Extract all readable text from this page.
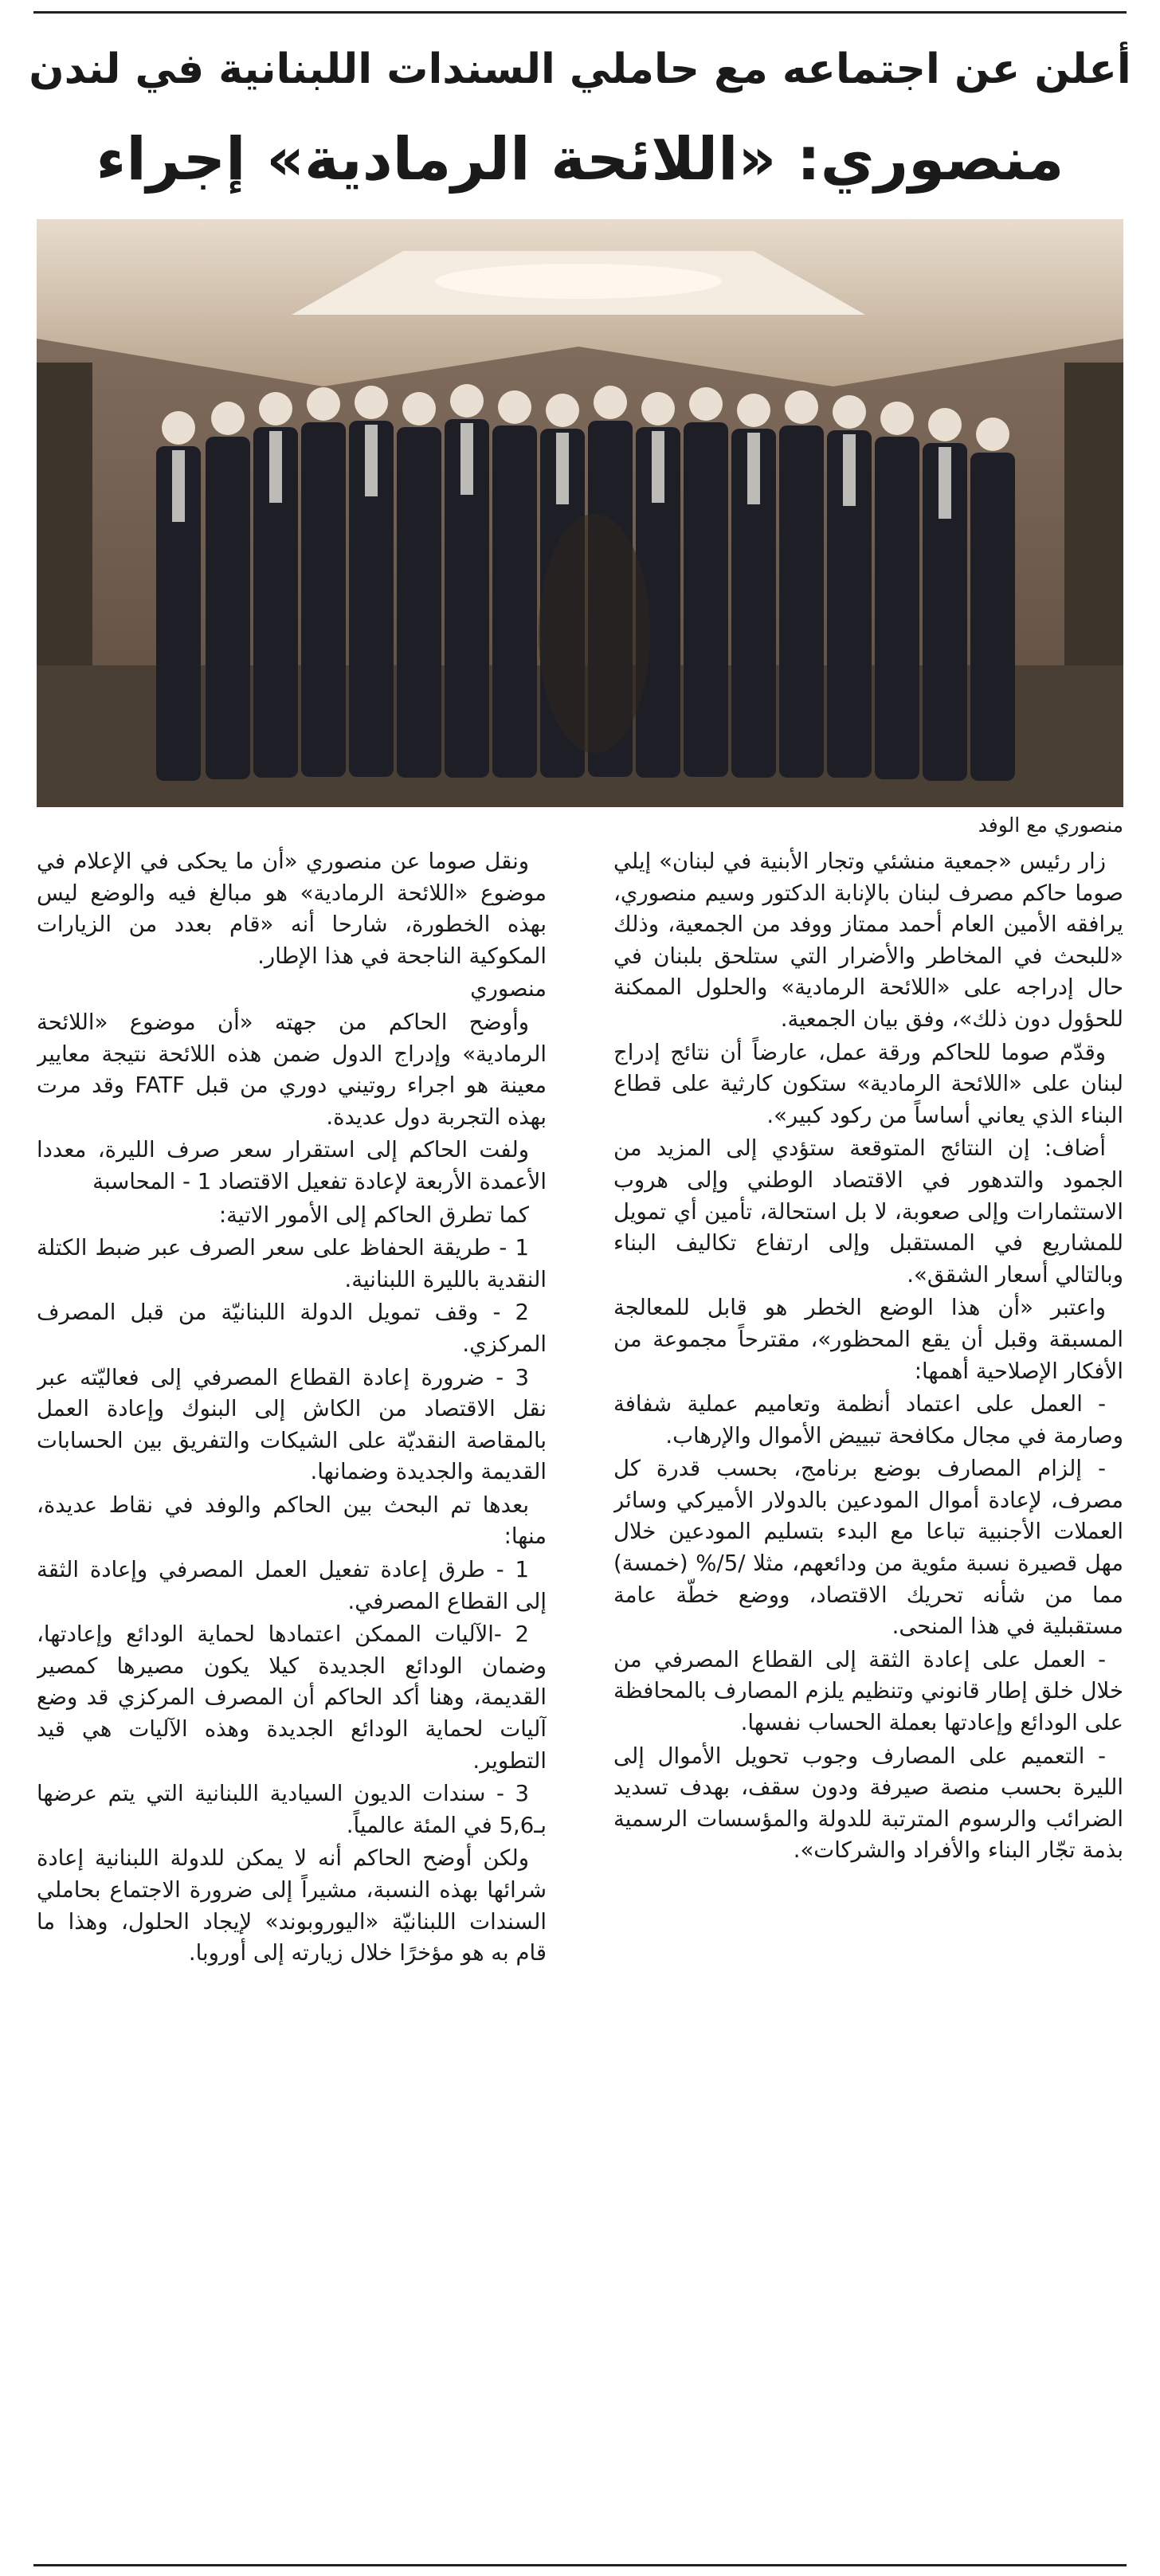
أعلن عن اجتماعه مع حاملي السندات اللبنانية في لندن
منصوري: «اللائحة الرمادية» إجراء
منصوري مع الوفد

زار رئيس «جمعية منشئي وتجار الأبنية في لبنان» إيلي صوما حاكم مصرف لبنان بالإنابة الدكتور وسيم منصوري، يرافقه الأمين العام أحمد ممتاز ووفد من الجمعية، وذلك «للبحث في المخاطر والأضرار التي ستلحق بلبنان في حال إدراجه على «اللائحة الرمادية» والحلول الممكنة للحؤول دون ذلك»، وفق بيان الجمعية.

وقدّم صوما للحاكم ورقة عمل، عارضاً أن نتائج إدراج لبنان على «اللائحة الرمادية» ستكون كارثية على قطاع البناء الذي يعاني أساساً من ركود كبير».

أضاف: إن النتائج المتوقعة ستؤدي إلى المزيد من الجمود والتدهور في الاقتصاد الوطني وإلى هروب الاستثمارات وإلى صعوبة، لا بل استحالة، تأمين أي تمويل للمشاريع في المستقبل وإلى ارتفاع تكاليف البناء وبالتالي أسعار الشقق».

واعتبر «أن هذا الوضع الخطر هو قابل للمعالجة المسبقة وقبل أن يقع المحظور»، مقترحاً مجموعة من الأفكار الإصلاحية أهمها:

- العمل على اعتماد أنظمة وتعاميم عملية شفافة وصارمة في مجال مكافحة تبييض الأموال والإرهاب.

- إلزام المصارف بوضع برنامج، بحسب قدرة كل مصرف، لإعادة أموال المودعين بالدولار الأميركي وسائر العملات الأجنبية تباعا مع البدء بتسليم المودعين خلال مهل قصيرة نسبة مئوية من ودائعهم، مثلا /5/% (خمسة) مما من شأنه تحريك الاقتصاد، ووضع خطّة عامة مستقبلية في هذا المنحى.

- العمل على إعادة الثقة إلى القطاع المصرفي من خلال خلق إطار قانوني وتنظيم يلزم المصارف بالمحافظة على الودائع وإعادتها بعملة الحساب نفسها.

- التعميم على المصارف وجوب تحويل الأموال إلى الليرة بحسب منصة صيرفة ودون سقف، بهدف تسديد الضرائب والرسوم المترتبة للدولة والمؤسسات الرسمية بذمة تجّار البناء والأفراد والشركات».

ونقل صوما عن منصوري «أن ما يحكى في الإعلام في موضوع «اللائحة الرمادية» هو مبالغ فيه والوضع ليس بهذه الخطورة، شارحا أنه «قام بعدد من الزيارات المكوكية الناجحة في هذا الإطار.

منصوري

وأوضح الحاكم من جهته «أن موضوع «اللائحة الرمادية» وإدراج الدول ضمن هذه اللائحة نتيجة معايير معينة هو اجراء روتيني دوري من قبل FATF وقد مرت بهذه التجربة دول عديدة.

ولفت الحاكم إلى استقرار سعر صرف الليرة، معددا الأعمدة الأربعة لإعادة تفعيل الاقتصاد 1 - المحاسبة

كما تطرق الحاكم إلى الأمور الاتية:

1 - طريقة الحفاظ على سعر الصرف عبر ضبط الكتلة النقدية بالليرة اللبنانية.

2 - وقف تمويل الدولة اللبنانيّة من قبل المصرف المركزي.

3 - ضرورة إعادة القطاع المصرفي إلى فعاليّته عبر نقل الاقتصاد من الكاش إلى البنوك وإعادة العمل بالمقاصة النقديّة على الشيكات والتفريق بين الحسابات القديمة والجديدة وضمانها.

بعدها تم البحث بين الحاكم والوفد في نقاط عديدة، منها:

1 - طرق إعادة تفعيل العمل المصرفي وإعادة الثقة إلى القطاع المصرفي.

2 -الآليات الممكن اعتمادها لحماية الودائع وإعادتها، وضمان الودائع الجديدة كيلا يكون مصيرها كمصير القديمة، وهنا أكد الحاكم أن المصرف المركزي قد وضع آليات لحماية الودائع الجديدة وهذه الآليات هي قيد التطوير.

3 - سندات الديون السيادية اللبنانية التي يتم عرضها بـ5,6 في المئة عالمياً.

ولكن أوضح الحاكم أنه لا يمكن للدولة اللبنانية إعادة شرائها بهذه النسبة، مشيراً إلى ضرورة الاجتماع بحاملي السندات اللبنانيّة «اليوروبوند» لإيجاد الحلول، وهذا ما قام به هو مؤخرًا خلال زيارته إلى أوروبا.
